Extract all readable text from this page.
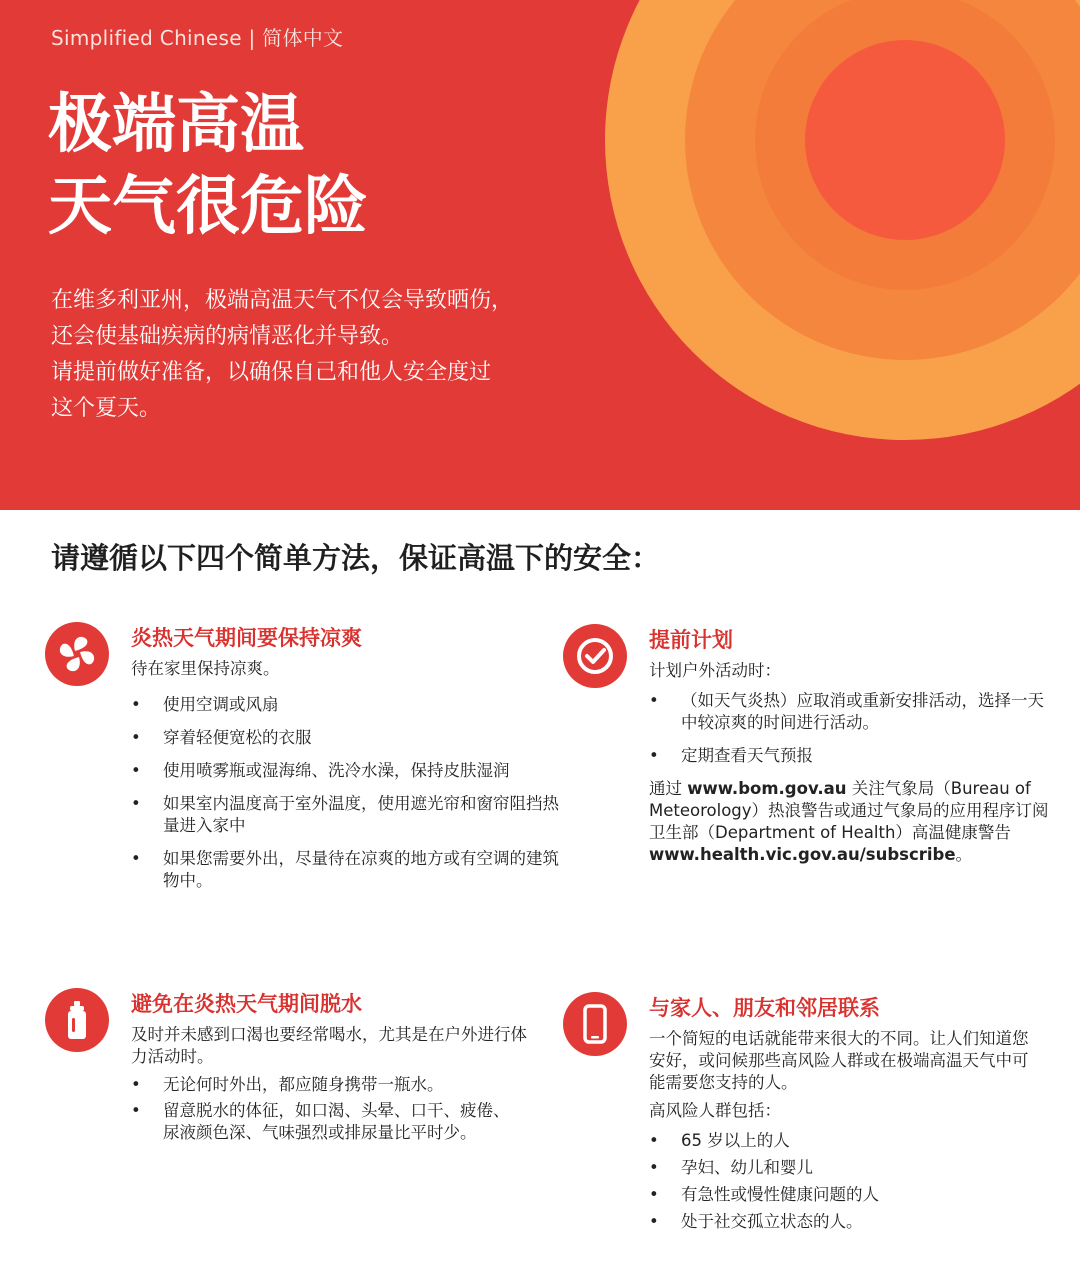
Simplified Chinese | 简体中文
极端高温
天气很危险
在维多利亚州，极端高温天气不仅会导致晒伤，
还会使基础疾病的病情恶化并导致。
请提前做好准备，以确保自己和他人安全度过
这个夏天。
请遵循以下四个简单方法，保证高温下的安全：
炎热天气期间要保持凉爽

待在家里保持凉爽。

• 使用空调或风扇
• 穿着轻便宽松的衣服
• 使用喷雾瓶或湿海绵、洗冷水澡，保持皮肤湿润
• 如果室内温度高于室外温度，使用遮光帘和窗帘阻挡热量进入家中
• 如果您需要外出，尽量待在凉爽的地方或有空调的建筑物中。
提前计划

计划户外活动时：

• （如天气炎热）应取消或重新安排活动，选择一天中较凉爽的时间进行活动。
• 定期查看天气预报

通过 www.bom.gov.au 关注气象局（Bureau of Meteorology）热浪警告或通过气象局的应用程序订阅卫生部（Department of Health）高温健康警告 www.health.vic.gov.au/subscribe。

避免在炎热天气期间脱水

及时并未感到口渴也要经常喝水，尤其是在户外进行体力活动时。

• 无论何时外出，都应随身携带一瓶水。
• 留意脱水的体征，如口渴、头晕、口干、疲倦、尿液颜色深、气味强烈或排尿量比平时少。
与家人、朋友和邻居联系

一个简短的电话就能带来很大的不同。让人们知道您安好，或问候那些高风险人群或在极端高温天气中可能需要您支持的人。

高风险人群包括：

• 65 岁以上的人
• 孕妇、幼儿和婴儿
• 有急性或慢性健康问题的人
• 处于社交孤立状态的人。
